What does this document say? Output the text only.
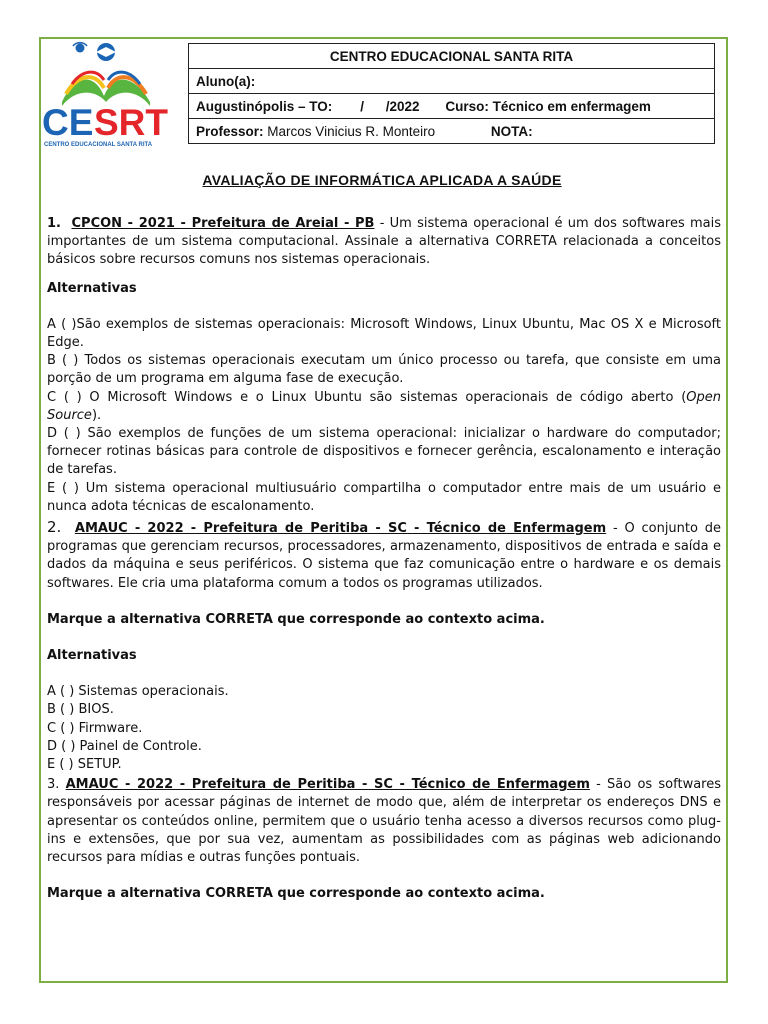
CE SRT
CENTRO EDUCACIONAL SANTA RITA
CENTRO EDUCACIONAL SANTA RITA
Aluno(a):
Augustinópolis – TO: / /2022 Curso: Técnico em enfermagem
Professor: Marcos Vinicius R. Monteiro	NOTA:
AVALIAÇÃO DE INFORMÁTICA APLICADA A SAÚDE

1. CPCON - 2021 - Prefeitura de Areial - PB - Um sistema operacional é um dos softwares mais importantes de um sistema computacional. Assinale a alternativa CORRETA relacionada a conceitos básicos sobre recursos comuns nos sistemas operacionais.

Alternativas

A ( )São exemplos de sistemas operacionais: Microsoft Windows, Linux Ubuntu, Mac OS X e Microsoft Edge.

B ( ) Todos os sistemas operacionais executam um único processo ou tarefa, que consiste em uma porção de um programa em alguma fase de execução.

C ( ) O Microsoft Windows e o Linux Ubuntu são sistemas operacionais de código aberto (Open Source).

D ( ) São exemplos de funções de um sistema operacional: inicializar o hardware do computador; fornecer rotinas básicas para controle de dispositivos e fornecer gerência, escalonamento e interação de tarefas.

E ( ) Um sistema operacional multiusuário compartilha o computador entre mais de um usuário e nunca adota técnicas de escalonamento.

2. AMAUC - 2022 - Prefeitura de Peritiba - SC - Técnico de Enfermagem - O conjunto de programas que gerenciam recursos, processadores, armazenamento, dispositivos de entrada e saída e dados da máquina e seus periféricos. O sistema que faz comunicação entre o hardware e os demais softwares. Ele cria uma plataforma comum a todos os programas utilizados.

Marque a alternativa CORRETA que corresponde ao contexto acima.

Alternativas

A ( ) Sistemas operacionais.

B ( ) BIOS.

C ( ) Firmware.

D ( ) Painel de Controle.

E ( ) SETUP.

3. AMAUC - 2022 - Prefeitura de Peritiba - SC - Técnico de Enfermagem - São os softwares responsáveis por acessar páginas de internet de modo que, além de interpretar os endereços DNS e apresentar os conteúdos online, permitem que o usuário tenha acesso a diversos recursos como plug-ins e extensões, que por sua vez, aumentam as possibilidades com as páginas web adicionando recursos para mídias e outras funções pontuais.

Marque a alternativa CORRETA que corresponde ao contexto acima.
